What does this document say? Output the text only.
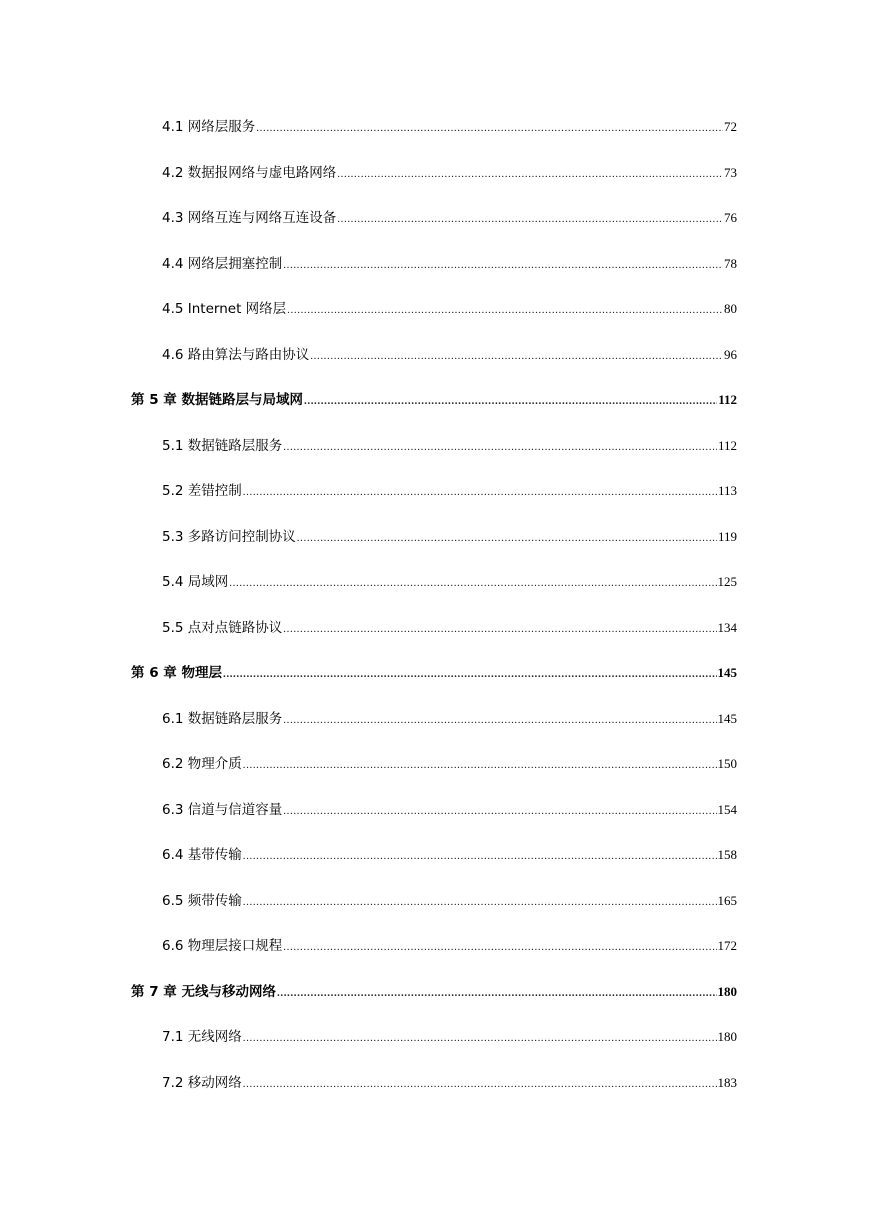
4.1 网络层服务 .....	72
4.2 数据报网络与虚电路网络 .....	73
4.3 网络互连与网络互连设备 .....	76
4.4 网络层拥塞控制 .....	78
4.5 Internet 网络层 .....	80
4.6 路由算法与路由协议 .....	96
第 5 章 数据链路层与局域网 .....	112
5.1 数据链路层服务 .....	112
5.2 差错控制 .....	113
5.3 多路访问控制协议 .....	119
5.4 局域网 .....	125
5.5 点对点链路协议 .....	134
第 6 章 物理层 .....	145
6.1 数据链路层服务 .....	145
6.2 物理介质 .....	150
6.3 信道与信道容量 .....	154
6.4 基带传输 .....	158
6.5 频带传输 .....	165
6.6 物理层接口规程 .....	172
第 7 章 无线与移动网络 .....	180
7.1 无线网络 .....	180
7.2 移动网络 .....	183
